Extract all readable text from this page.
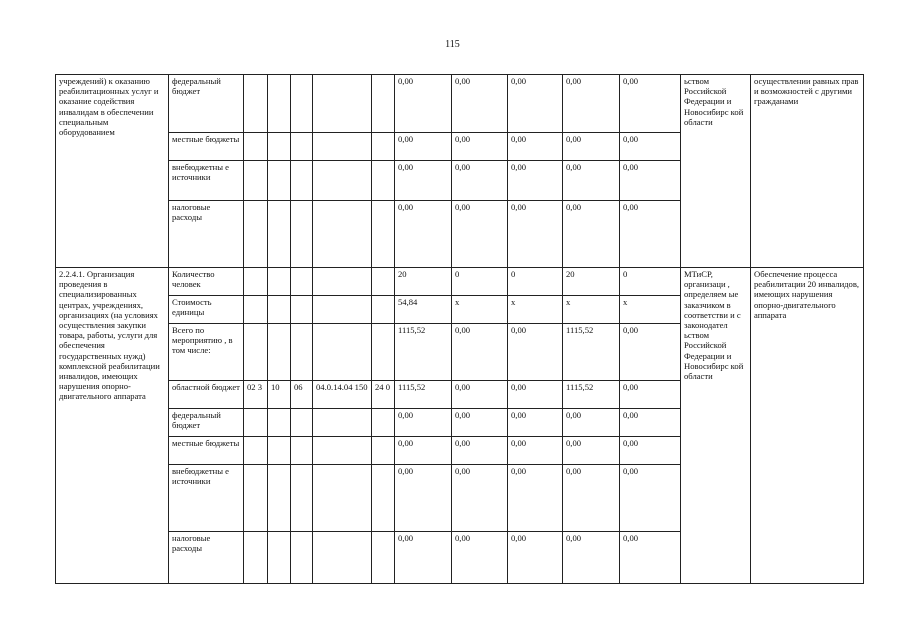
115
учреждений) к оказанию реабилитационных услуг и оказание содействия инвалидам в обеспечении специальным оборудованием	федеральный бюджет						0,00	0,00	0,00	0,00	0,00	ьством Российской Федерации и Новосибирс кой области	осуществлении равных прав и возможностей с другими гражданами
	местные бюджеты						0,00	0,00	0,00	0,00	0,00		
	внебюджетны е источники						0,00	0,00	0,00	0,00	0,00		
	налоговые расходы						0,00	0,00	0,00	0,00	0,00		
2.2.4.1. Организация проведения в специализированных центрах, учреждениях, организациях (на условиях осуществления закупки товара, работы, услуги для обеспечения государственных нужд) комплексной реабилитации инвалидов, имеющих нарушения опорно-двигательного аппарата	Количество человек						20	0	0	20	0	МТиСР, организаци , определяем ые заказчиком в соответстви и с законодател ьством Российской Федерации и Новосибирс кой области	Обеспечение процесса реабилитации 20 инвалидов, имеющих нарушения опорно-двигательного аппарата
	Стоимость единицы						54,84	x	x	x	x		
	Всего по мероприятию , в том числе:						1115,52	0,00	0,00	1115,52	0,00		
	областной бюджет	02 3	10	06	04.0.14.04 150	24 0	1115,52	0,00	0,00	1115,52	0,00		
	федеральный бюджет						0,00	0,00	0,00	0,00	0,00		
	местные бюджеты						0,00	0,00	0,00	0,00	0,00		
	внебюджетны е источники						0,00	0,00	0,00	0,00	0,00		
	налоговые расходы						0,00	0,00	0,00	0,00	0,00		
